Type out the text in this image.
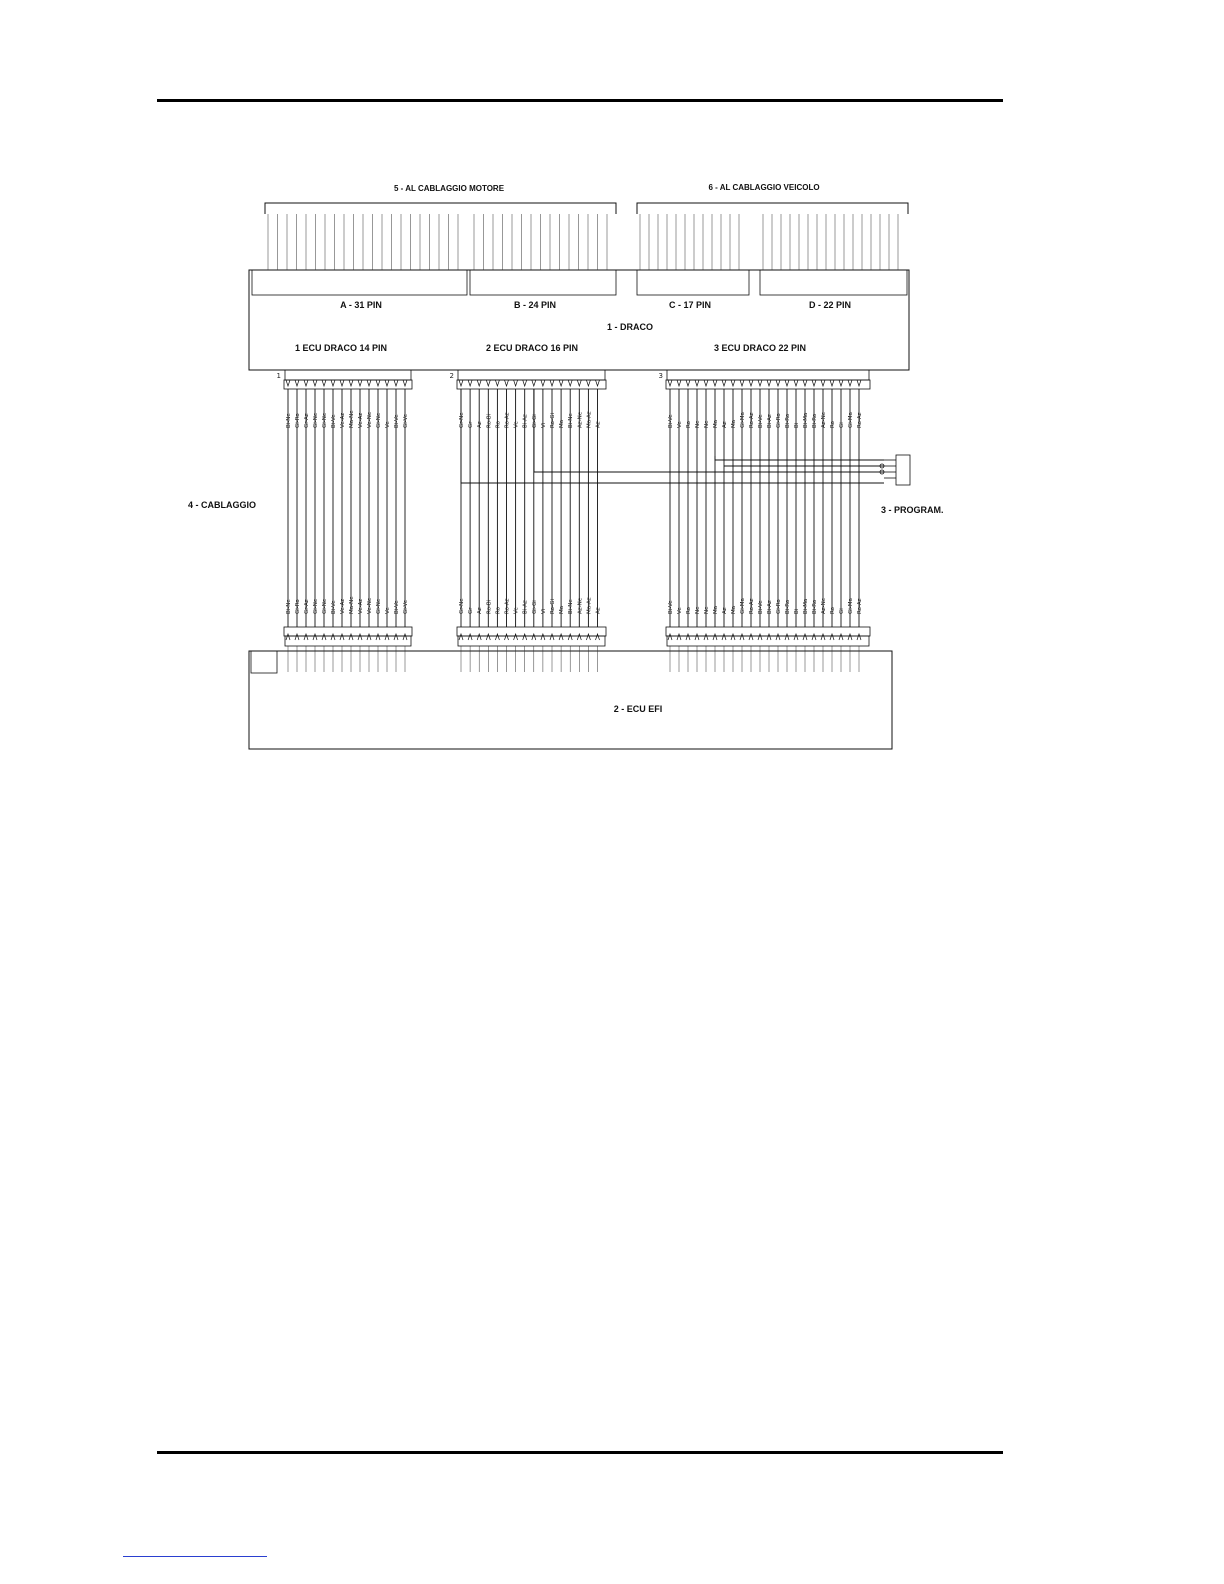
5 - AL CABLAGGIO MOTORE	6 - AL CABLAGGIO VEICOLO
A - 31 PIN	B - 24 PIN	C - 17 PIN	D - 22 PIN
1 - DRACO
1 ECU DRACO 14 PIN	2 ECU DRACO 16 PIN	3 ECU DRACO 22 PIN
1	2	3
2 - ECU EFI
4 - CABLAGGIO	3 - PROGRAM.
Bi-Ne
Bi-Ne
Gi-Ro
Gi-Ro
Gr-Az
Gr-Az
Gi-Ne
Gi-Ne
Gi-Ne
Gi-Ne
Bi-Ve
Bi-Ve
Ve-Az
Ve-Az
Ma-Ne
Ma-Ne
Ve-Az
Ve-Az
Ve-Ne
Ve-Ne
Gi-Ne
Gi-Ne
Ve
Ve
Bi-Ve
Bi-Ve
Gi-Ve
Gi-Ve
Gr-Ne
Gr-Ne
Gr
Gr
Az
Az
Ro-Bi
Ro-Bi
Ro
Ro
Ro-Az
Ro-Az
Ve
Ve
Bi-Az
Bi-Az
Gi-Gi
Gi-Gi
Vi
Vi
Ro-Gi
Ro-Gi
Ma
Ma
Bi-Ne
Bi-Ne
Az-Ne
Az-Ne
Ma-Az
Ma-Az
Az
Az
Bi-Ve
Bi-Ve
Ve
Ve
Ro
Ro
Ne
Ne
Ne
Ne
Ma
Ma
Az
Az
Ma
Ma
Gi-Ma
Gi-Ma
Ro-Az
Ro-Az
Bi-Ve
Bi-Ve
Bi-Az
Bi-Az
Gi-Ro
Gi-Ro
Bi-Ro
Bi-Ro
Bi
Bi
Bi-Ma
Bi-Ma
Bi-Ro
Bi-Ro
Az-Ne
Az-Ne
Ro
Ro
Gi
Gi
Gi-Ma
Gi-Ma
Ro-Az
Ro-Az
